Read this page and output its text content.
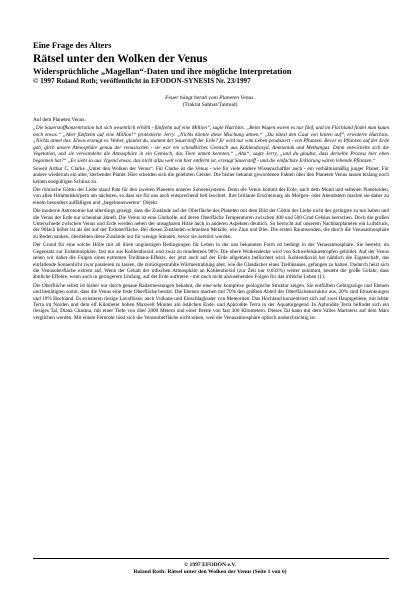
Eine Frage des Alters
Rätsel unter den Wolken der Venus
Widersprüchliche „Magellan“-Daten und ihre mögliche Interpretation
© 1997 Roland Roth; veröffentlicht in EFODON-SYNESIS Nr. 23/1997
Feuer hängt herab vom Planeten Venus.
(Traktat Sabbat/Talmud)

Auf dem Planeten Venus:

„Die Sauerstoffkonzentration hat sich wesentlich erhöht - fünfzehn auf eine Million“, sagte Hutchins. „Beim Wagen waren es nur fünf, und im Flachland findet man kaum noch etwas.“ „Aber fünfzehn auf eine Million!“ protestierte Jerry. „Nichts könnte diese Mischung atmen.“ „Du tätest den Gaul von hinten auf“, erwiderte Hutchins. „Nichts atmet das. Etwas erzeugt es. Woher, glaubst du, stammt der Sauerstoff der Erde? Er wird nur vom Leben produziert - von Pflanzen. Bevor es Pflanzen auf der Erde gab, glich unsere Atmosphäre genau der venusischen - sie war ein scheußliches Gemisch aus Kohlendioxyd, Ammoniak und Methangas. Dann entwickelte sich die Vegetation, und sie verwandelte die Atmosphäre in ein Gemisch, das Tiere atmen konnten.“ „Aha“, sagte Jerry, „und du glaubst, dass derselbe Prozess hier oben begonnen hat?“ „Es sieht so aus. Irgend etwas, das nicht allzu weit von hier entfernt ist, erzeugt Sauerstoff - und die einfachste Erklärung wären lebende Pflanzen.“

Soweit Arthur C. Clarke „Unter den Wolken der Venus“. Für Clarke ist die Venus - wie für viele andere Wissenschaftler auch - ein verhältnismäßig junger Planet. Für andere wiederum ein alter, sterbender Planet. Hier scheiden sich die gelehrten Geister. Die bisher bekannt gewordenen Fakten über den Planeten Venus lassen bislang noch keinen endgültigen Schluss zu.

Die römische Göttin der Liebe stand Pate für den zweiten Planeten unseres Sonnensystems. Denn die Venus kommt der Erde, nach dem Mond und seltenen Planetoiden, von allen Himmelskörpern am nächsten, so dass sie für uns auch entsprechend hell leuchtet. Ihre brillante Erscheinung als Morgen- oder Abendstern machte sie daher zu einem besonders auffälligen und „begehrenswerten“ Objekt.

Die moderne Astronomie hat allerdings gezeigt, dass die Zustände auf der Oberfläche des Planeten mit dem Bild der Göttin der Liebe nicht des geringste zu tun haben und die Venus der Erde nur scheinbar ähnelt. Die Venus ist eine Glutholle, auf deren Oberfläche Temperaturen zwischen 400 und 500 Grad Celsius herrschen. Doch die großen Unterschiede zwischen Venus und Erde werden neben der unsagbaren Hitze auch in anderen Aspekten deutlich. So herrscht auf unserem Nachbarplaneten ein Luftdruck, der 90fach höher ist als der auf der Erdoberfläche. Bei diesen Zuständen schmelzen Metalle, wie Zinn und Blei. Die ersten Raumsonden, die durch die Venusatmosphäre zu Boden sanken, überlebten diese Zustände nur für wenige Stunden, bevor sie zerstört wurden.

Der Grund für eine solche Hölle mit all ihren ungünstigen Bedingungen für Leben in der uns bekannten Form ist bedingt in der Venusatmosphäre. Sie besteht, im Gegensatz zur Erdatmosphäre, fast nur aus Kohlendioxid, und zwar zu mindestens 98%. Die obere Wolkendecke wird von Schwefelsäuretropfen gebildet. Auf der Venus sehen wir daher die Folgen eines extremen Treibhaus-Effekts, der jetzt auch auf der Erde allgemein befürchtet wird. Kohlendioxid hat nämlich die Eigenschaft, das einfallende Sonnenlicht zwar passieren zu lassen, die zurückgestrahlte Wärmestrahlung aber, wie die Glasdächer eines Treibhauses, gefangen zu halten. Dadurch heizt sich die Venusoberfläche extrem auf. Wenn der Gehalt der irdischen Atmosphäre an Kohlendioxid (zur Zeit nur 0,033%) weiter zunimmt, besteht die große Gefahr, dass ähnliche Effekte, wenn auch in geringerem Umfang, auf der Erde auftreten - mit noch nicht abzusehenden Folgen für das irdische Leben (1).

Die Oberfläche selbst ist bisher nur durch genaue Radarmessungen bekannt, die eine sehr komplexe geologische Struktur zeigen. Sie entfüllten Gebirgszüge und Ebenen und bestätigten somit, dass die Venus eine feste Oberfläche besitzt. Die Ebenen machen mit 70% den größten Anteil der Oberflächenstruktur aus, 20% sind Einsenkungen und 10% Hochland. Es existieren riesige Lavaflüsse, auch Vulkane und Einschlagkrater von Meteoriten. Das Hochland konzentriert sich auf zwei Hauptgebiete, mit Ishtar Terra im Norden und dem elf Kilometer hohen Maxwell Montes am östlichen Ende, und Aphrodite Terra in der Äquatorgegend. In Aphrodite Terra befindet sich ein riesiges Tal, Diana Chasma, mit einer Tiefe von über 2000 Metern und einer Breite von fast 300 Kilometern. Dieses Tal kann mit dem Valles Marineris auf dem Mars verglichen werden. Mit einem Fernrohr lässt sich die Venusoberfläche nicht sehen, weil die Venusatmosphäre optisch undurchsichtig ist.

© 1997 EFODON e.V.
Roland Roth: Rätsel unter den Wolken der Venus (Seite 1 von 6)
